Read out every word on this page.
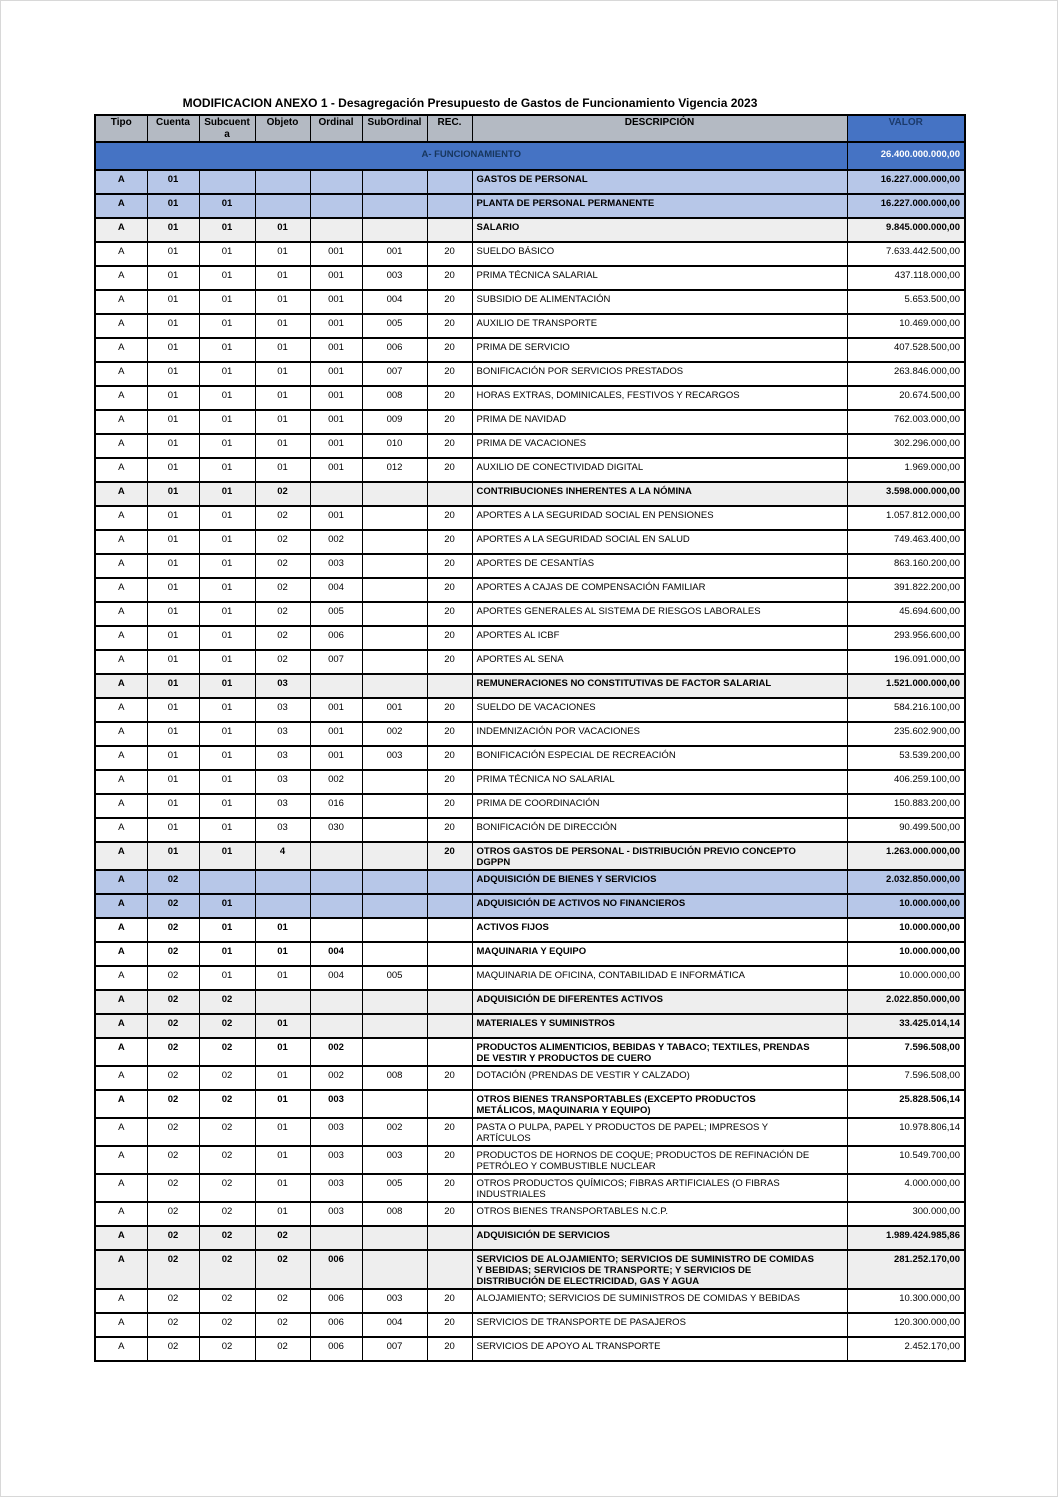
MODIFICACION ANEXO 1 - Desagregación Presupuesto de Gastos de Funcionamiento Vigencia 2023
Tipo	Cuenta	Subcuenta	Objeto	Ordinal	SubOrdinal	REC.	DESCRIPCIÓN	VALOR
A- FUNCIONAMIENTO								26.400.000.000,00
A	01						GASTOS DE PERSONAL	16.227.000.000,00
A	01	01					PLANTA DE PERSONAL PERMANENTE	16.227.000.000,00
A	01	01	01				SALARIO	9.845.000.000,00
A	01	01	01	001	001	20	SUELDO BÁSICO	7.633.442.500,00
A	01	01	01	001	003	20	PRIMA TÉCNICA SALARIAL	437.118.000,00
A	01	01	01	001	004	20	SUBSIDIO DE ALIMENTACIÓN	5.653.500,00
A	01	01	01	001	005	20	AUXILIO DE TRANSPORTE	10.469.000,00
A	01	01	01	001	006	20	PRIMA DE SERVICIO	407.528.500,00
A	01	01	01	001	007	20	BONIFICACIÓN POR SERVICIOS PRESTADOS	263.846.000,00
A	01	01	01	001	008	20	HORAS EXTRAS, DOMINICALES, FESTIVOS Y RECARGOS	20.674.500,00
A	01	01	01	001	009	20	PRIMA DE NAVIDAD	762.003.000,00
A	01	01	01	001	010	20	PRIMA DE VACACIONES	302.296.000,00
A	01	01	01	001	012	20	AUXILIO DE CONECTIVIDAD DIGITAL	1.969.000,00
A	01	01	02				CONTRIBUCIONES INHERENTES A LA NÓMINA	3.598.000.000,00
A	01	01	02	001		20	APORTES A LA SEGURIDAD SOCIAL EN PENSIONES	1.057.812.000,00
A	01	01	02	002		20	APORTES A LA SEGURIDAD SOCIAL EN SALUD	749.463.400,00
A	01	01	02	003		20	APORTES DE CESANTÍAS	863.160.200,00
A	01	01	02	004		20	APORTES A CAJAS DE COMPENSACIÓN FAMILIAR	391.822.200,00
A	01	01	02	005		20	APORTES GENERALES AL SISTEMA DE RIESGOS LABORALES	45.694.600,00
A	01	01	02	006		20	APORTES AL ICBF	293.956.600,00
A	01	01	02	007		20	APORTES AL SENA	196.091.000,00
A	01	01	03				REMUNERACIONES NO CONSTITUTIVAS DE FACTOR SALARIAL	1.521.000.000,00
A	01	01	03	001	001	20	SUELDO DE VACACIONES	584.216.100,00
A	01	01	03	001	002	20	INDEMNIZACIÓN POR VACACIONES	235.602.900,00
A	01	01	03	001	003	20	BONIFICACIÓN ESPECIAL DE RECREACIÓN	53.539.200,00
A	01	01	03	002		20	PRIMA TÉCNICA NO SALARIAL	406.259.100,00
A	01	01	03	016		20	PRIMA DE COORDINACIÓN	150.883.200,00
A	01	01	03	030		20	BONIFICACIÓN DE DIRECCIÓN	90.499.500,00
A	01	01	4			20	OTROS GASTOS DE PERSONAL - DISTRIBUCIÓN PREVIO CONCEPTO DGPPN	1.263.000.000,00
A	02						ADQUISICIÓN DE BIENES Y SERVICIOS	2.032.850.000,00
A	02	01					ADQUISICIÓN DE ACTIVOS NO FINANCIEROS	10.000.000,00
A	02	01	01				ACTIVOS FIJOS	10.000.000,00
A	02	01	01	004			MAQUINARIA Y EQUIPO	10.000.000,00
A	02	01	01	004	005		MAQUINARIA DE OFICINA, CONTABILIDAD E INFORMÁTICA	10.000.000,00
A	02	02					ADQUISICIÓN DE DIFERENTES ACTIVOS	2.022.850.000,00
A	02	02	01				MATERIALES Y SUMINISTROS	33.425.014,14
A	02	02	01	002			PRODUCTOS ALIMENTICIOS, BEBIDAS Y TABACO; TEXTILES, PRENDAS DE VESTIR Y PRODUCTOS DE CUERO	7.596.508,00
A	02	02	01	002	008	20	DOTACIÓN (PRENDAS DE VESTIR Y CALZADO)	7.596.508,00
A	02	02	01	003			OTROS BIENES TRANSPORTABLES (EXCEPTO PRODUCTOS METÁLICOS, MAQUINARIA Y EQUIPO)	25.828.506,14
A	02	02	01	003	002	20	PASTA O PULPA, PAPEL Y PRODUCTOS DE PAPEL; IMPRESOS Y ARTÍCULOS	10.978.806,14
A	02	02	01	003	003	20	PRODUCTOS DE HORNOS DE COQUE; PRODUCTOS DE REFINACIÓN DE PETRÓLEO Y COMBUSTIBLE NUCLEAR	10.549.700,00
A	02	02	01	003	005	20	OTROS PRODUCTOS QUÍMICOS; FIBRAS ARTIFICIALES (O FIBRAS INDUSTRIALES	4.000.000,00
A	02	02	01	003	008	20	OTROS BIENES TRANSPORTABLES N.C.P.	300.000,00
A	02	02	02				ADQUISICIÓN DE SERVICIOS	1.989.424.985,86
A	02	02	02	006			SERVICIOS DE ALOJAMIENTO; SERVICIOS DE SUMINISTRO DE COMIDAS Y BEBIDAS; SERVICIOS DE TRANSPORTE; Y SERVICIOS DE DISTRIBUCIÓN DE ELECTRICIDAD, GAS Y AGUA	281.252.170,00
A	02	02	02	006	003	20	ALOJAMIENTO; SERVICIOS DE SUMINISTROS DE COMIDAS Y BEBIDAS	10.300.000,00
A	02	02	02	006	004	20	SERVICIOS DE TRANSPORTE DE PASAJEROS	120.300.000,00
A	02	02	02	006	007	20	SERVICIOS DE APOYO AL TRANSPORTE	2.452.170,00
